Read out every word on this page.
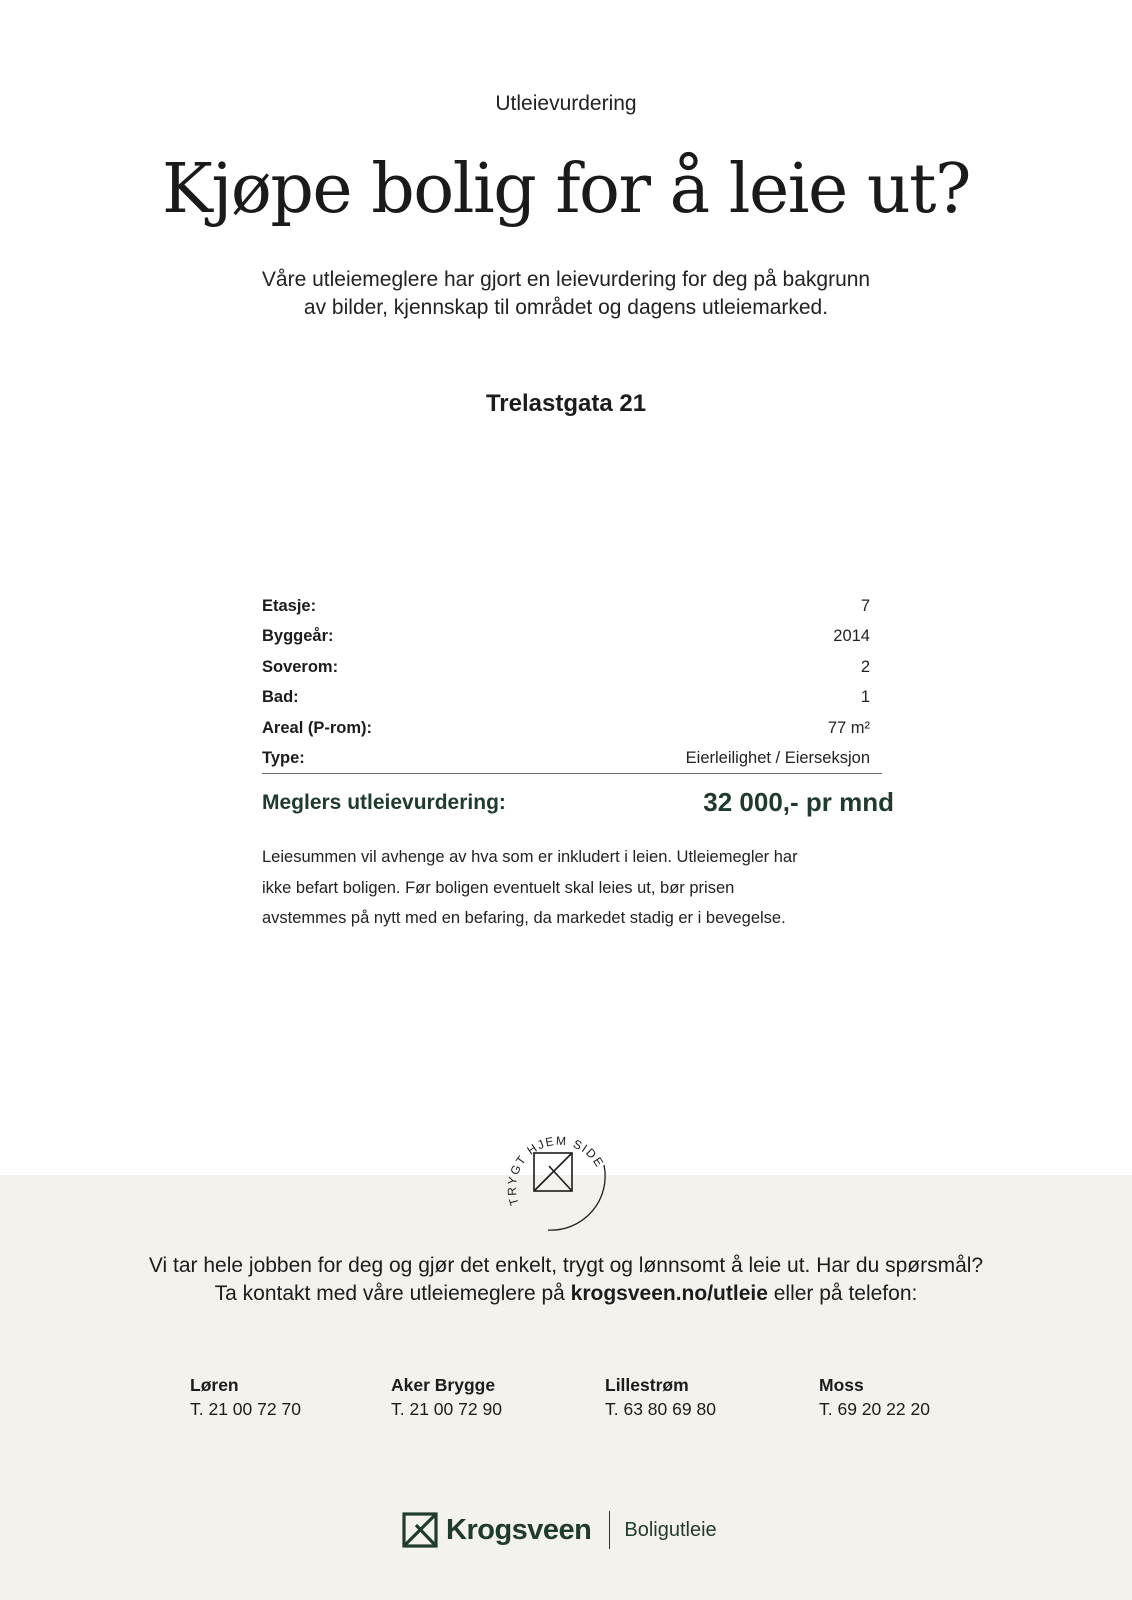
Utleievurdering
Kjøpe bolig for å leie ut?
Våre utleiemeglere har gjort en leievurdering for deg på bakgrunn
av bilder, kjennskap til området og dagens utleiemarked.
Trelastgata 21
Etasje:	7
Byggeår:	2014
Soverom:	2
Bad:	1
Areal (P-rom):	77 m²
Type:	Eierleilighet / Eierseksjon
Meglers utleievurdering:	32 000,- pr mnd
Leiesummen vil avhenge av hva som er inkludert i leien. Utleiemegler har
ikke befart boligen. Før boligen eventuelt skal leies ut, bør prisen
avstemmes på nytt med en befaring, da markedet stadig er i bevegelse.
TRYGT HJEM SIDE
Vi tar hele jobben for deg og gjør det enkelt, trygt og lønnsomt å leie ut. Har du spørsmål?
Ta kontakt med våre utleiemeglere på krogsveen.no/utleie eller på telefon:
Løren
T. 21 00 72 70
Aker Brygge
T. 21 00 72 90
Lillestrøm
T. 63 80 69 80
Moss
T. 69 20 22 20
Krogsveen Boligutleie
